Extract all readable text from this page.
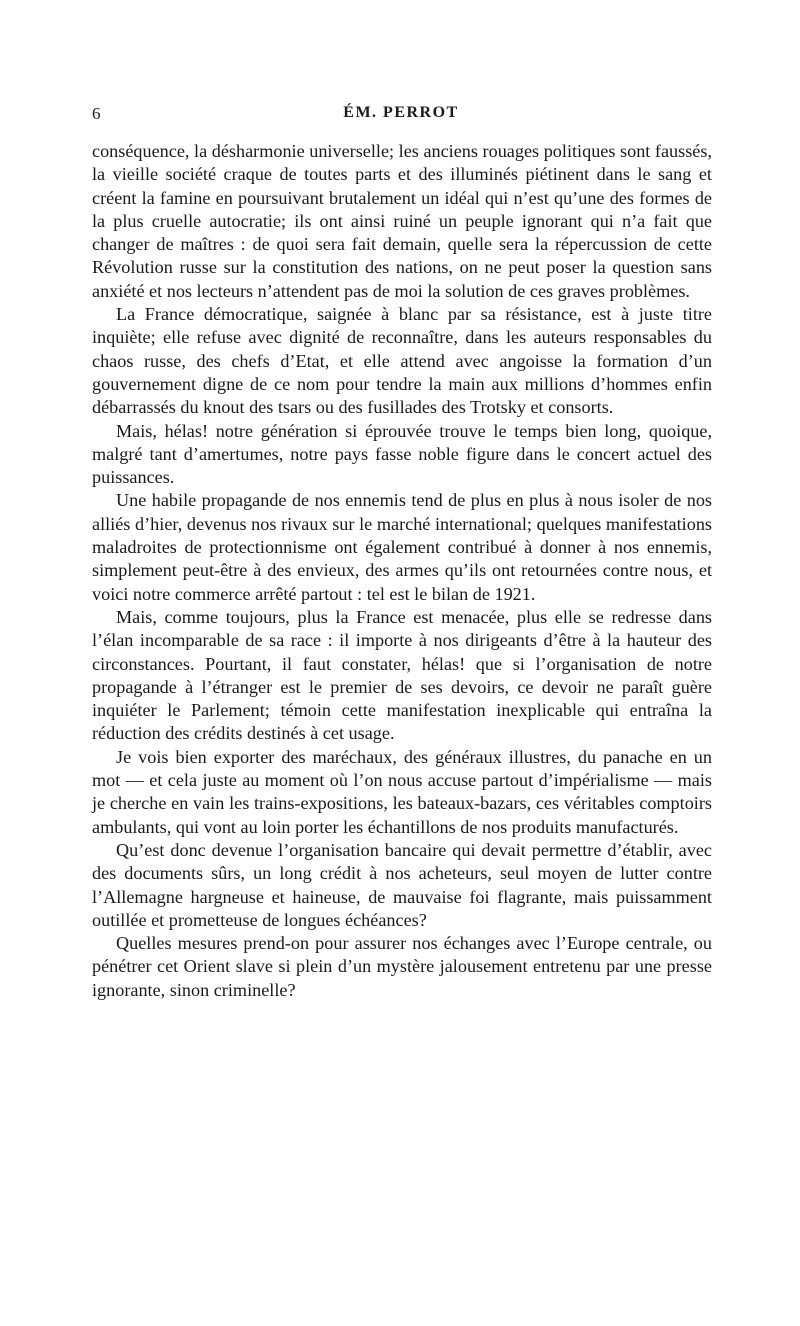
6	ÉM. PERROT

conséquence, la désharmonie universelle; les anciens rouages politiques sont faussés, la vieille société craque de toutes parts et des illuminés piétinent dans le sang et créent la famine en poursuivant brutalement un idéal qui n’est qu’une des formes de la plus cruelle autocratie; ils ont ainsi ruiné un peuple ignorant qui n’a fait que changer de maîtres : de quoi sera fait demain, quelle sera la répercussion de cette Révolution russe sur la constitution des nations, on ne peut poser la question sans anxiété et nos lecteurs n’attendent pas de moi la solution de ces graves problèmes.

La France démocratique, saignée à blanc par sa résistance, est à juste titre inquiète; elle refuse avec dignité de reconnaître, dans les auteurs responsables du chaos russe, des chefs d’Etat, et elle attend avec angoisse la formation d’un gouvernement digne de ce nom pour tendre la main aux millions d’hommes enfin débarrassés du knout des tsars ou des fusillades des Trotsky et consorts.

Mais, hélas! notre génération si éprouvée trouve le temps bien long, quoique, malgré tant d’amertumes, notre pays fasse noble figure dans le concert actuel des puissances.

Une habile propagande de nos ennemis tend de plus en plus à nous isoler de nos alliés d’hier, devenus nos rivaux sur le marché international; quelques manifestations maladroites de protectionnisme ont également contribué à donner à nos ennemis, simplement peut-être à des envieux, des armes qu’ils ont retournées contre nous, et voici notre commerce arrêté partout : tel est le bilan de 1921.

Mais, comme toujours, plus la France est menacée, plus elle se redresse dans l’élan incomparable de sa race : il importe à nos dirigeants d’être à la hauteur des circonstances. Pourtant, il faut constater, hélas! que si l’organisation de notre propagande à l’étranger est le premier de ses devoirs, ce devoir ne paraît guère inquiéter le Parlement; témoin cette manifestation inexplicable qui entraîna la réduction des crédits destinés à cet usage.

Je vois bien exporter des maréchaux, des généraux illustres, du panache en un mot — et cela juste au moment où l’on nous accuse partout d’impérialisme — mais je cherche en vain les trains-expositions, les bateaux-bazars, ces véritables comptoirs ambulants, qui vont au loin porter les échantillons de nos produits manufacturés.

Qu’est donc devenue l’organisation bancaire qui devait permettre d’établir, avec des documents sûrs, un long crédit à nos acheteurs, seul moyen de lutter contre l’Allemagne hargneuse et haineuse, de mauvaise foi flagrante, mais puissamment outillée et prometteuse de longues échéances?

Quelles mesures prend-on pour assurer nos échanges avec l’Europe centrale, ou pénétrer cet Orient slave si plein d’un mystère jalousement entretenu par une presse ignorante, sinon criminelle?
